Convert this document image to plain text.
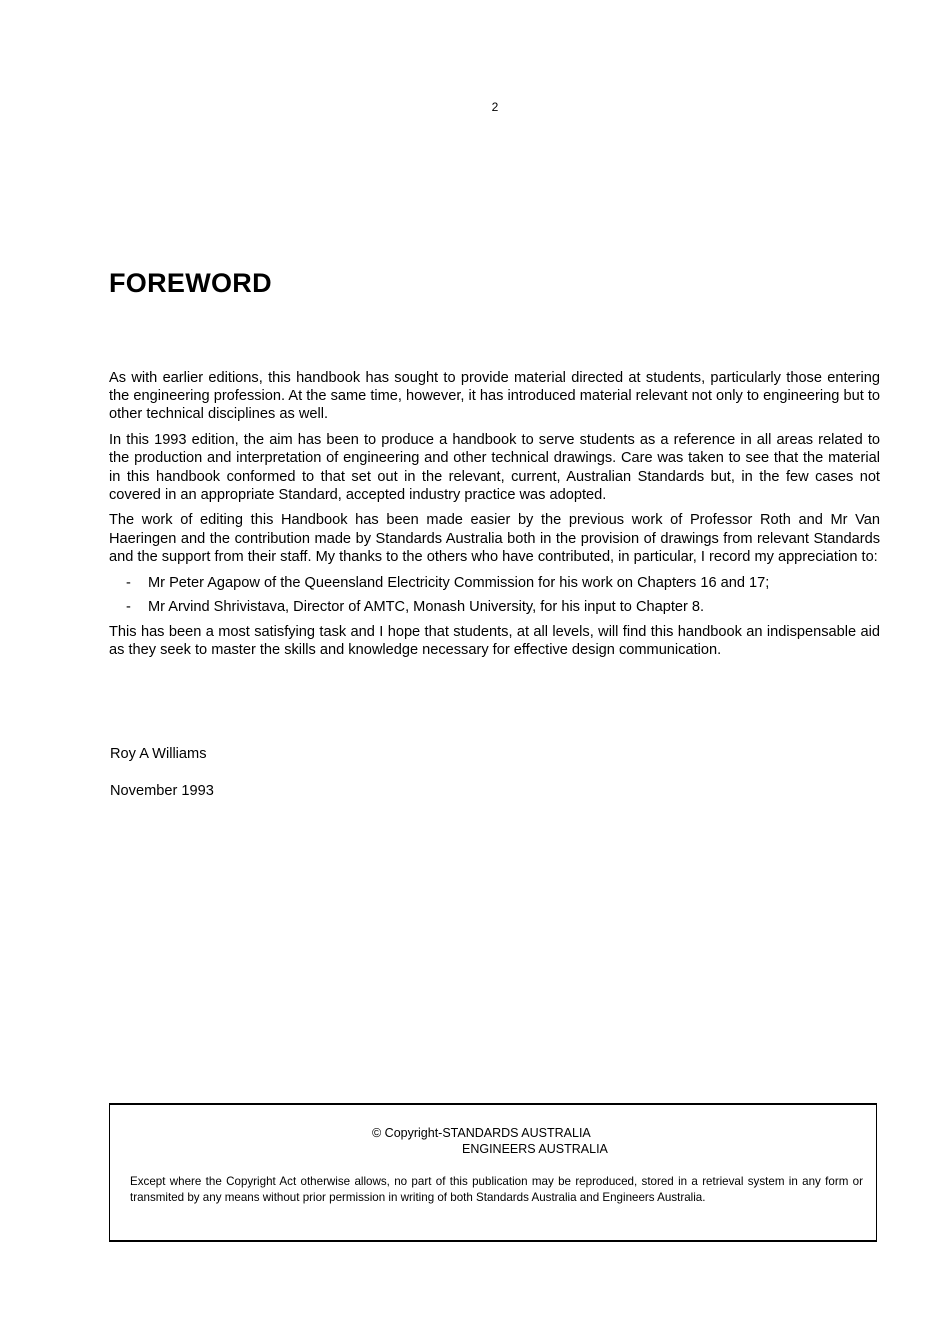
2
FOREWORD

As with earlier editions, this handbook has sought to provide material directed at students, particularly those entering the engineering profession. At the same time, however, it has introduced material relevant not only to engineering but to other technical disciplines as well.

In this 1993 edition, the aim has been to produce a handbook to serve students as a reference in all areas related to the production and interpretation of engineering and other technical drawings. Care was taken to see that the material in this handbook conformed to that set out in the relevant, current, Australian Standards but, in the few cases not covered in an appropriate Standard, accepted industry practice was adopted.

The work of editing this Handbook has been made easier by the previous work of Professor Roth and Mr Van Haeringen and the contribution made by Standards Australia both in the provision of drawings from relevant Standards and the support from their staff. My thanks to the others who have contributed, in particular, I record my appreciation to:

- Mr Peter Agapow of the Queensland Electricity Commission for his work on Chapters 16 and 17;
- Mr Arvind Shrivistava, Director of AMTC, Monash University, for his input to Chapter 8.

This has been a most satisfying task and I hope that students, at all levels, will find this handbook an indispensable aid as they seek to master the skills and knowledge necessary for effective design communication.

Roy A Williams
November 1993
© Copyright-STANDARDS AUSTRALIA
ENGINEERS AUSTRALIA
Except where the Copyright Act otherwise allows, no part of this publication may be reproduced, stored in a retrieval system in any form or transmited by any means without prior permission in writing of both Standards Australia and Engineers Australia.
